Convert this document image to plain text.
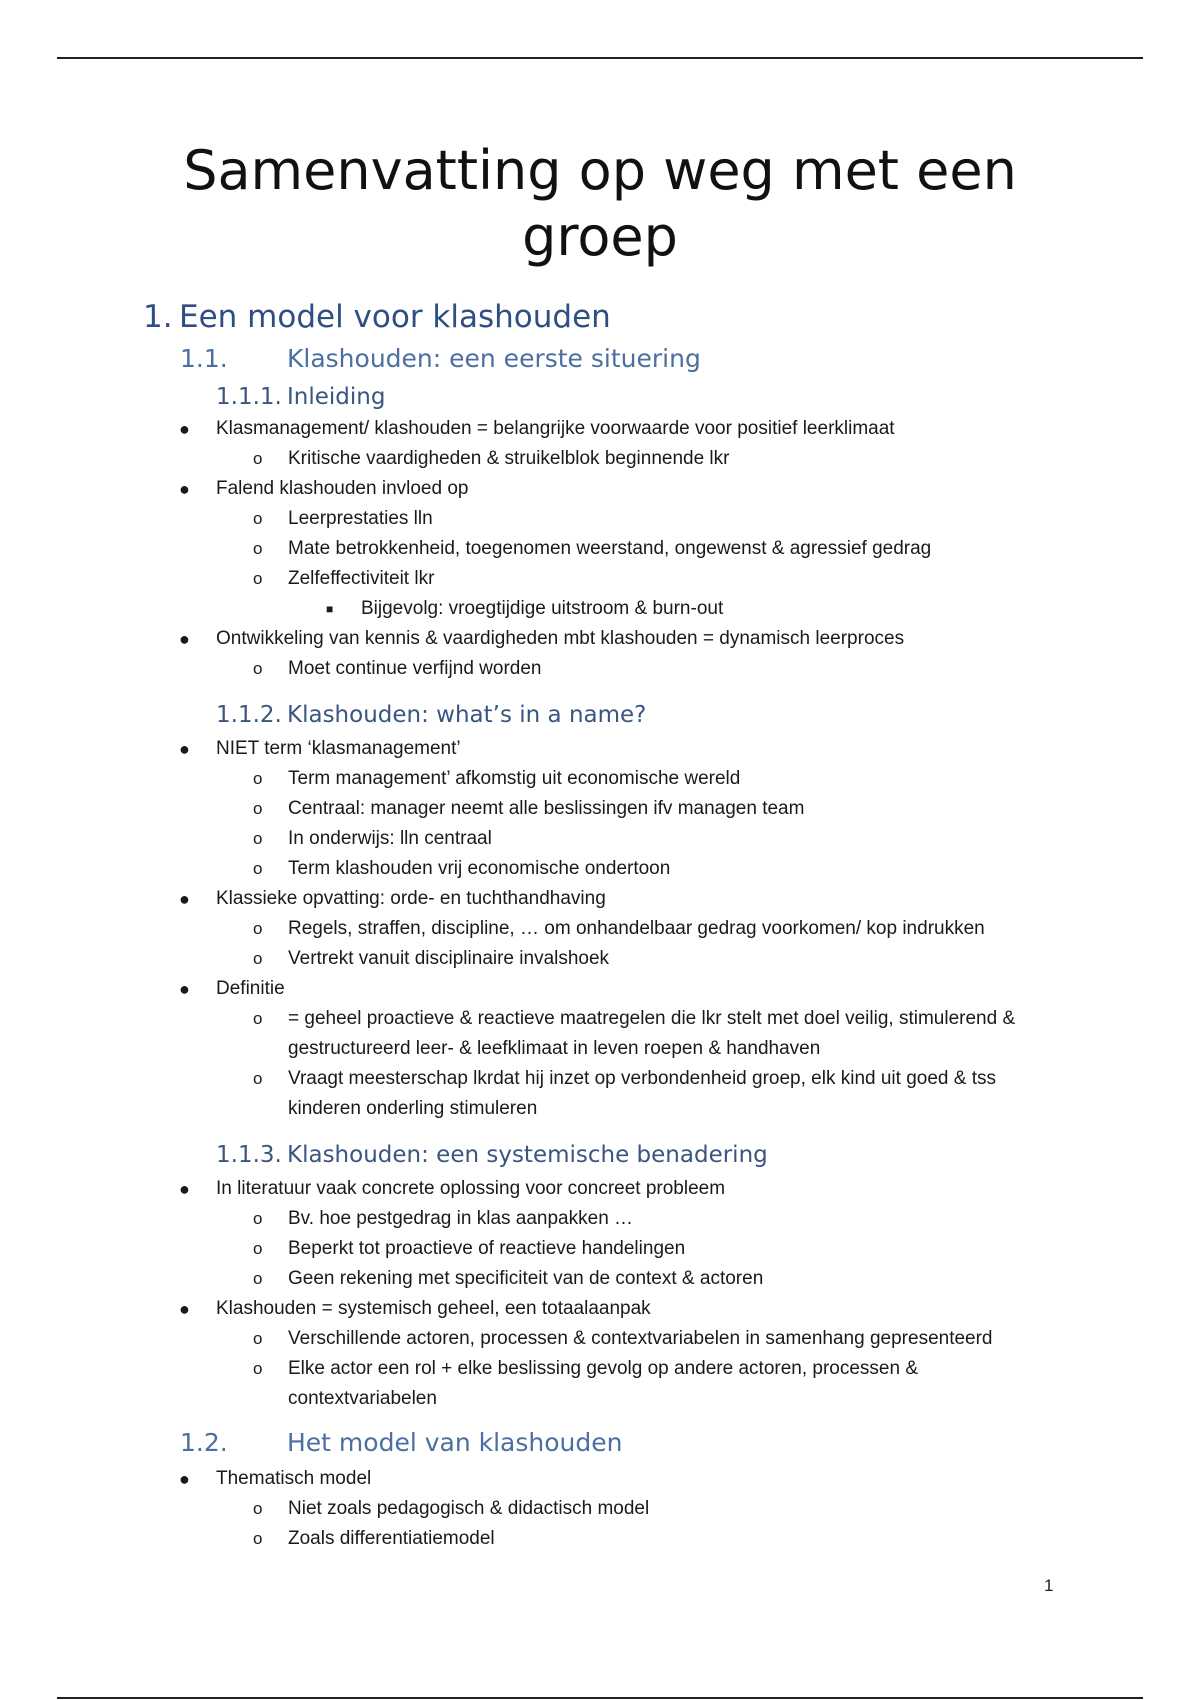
Samenvatting op weg met een groep
1. Een model voor klashouden
1.1. Klashouden: een eerste situering
1.1.1. Inleiding
● Klasmanagement/ klashouden = belangrijke voorwaarde voor positief leerklimaat
o Kritische vaardigheden & struikelblok beginnende lkr
● Falend klashouden invloed op
o Leerprestaties lln
o Mate betrokkenheid, toegenomen weerstand, ongewenst & agressief gedrag
o Zelfeffectiviteit lkr
■ Bijgevolg: vroegtijdige uitstroom & burn-out
● Ontwikkeling van kennis & vaardigheden mbt klashouden = dynamisch leerproces
o Moet continue verfijnd worden
1.1.2. Klashouden: what’s in a name?
● NIET term ‘klasmanagement’
o Term management’ afkomstig uit economische wereld
o Centraal: manager neemt alle beslissingen ifv managen team
o In onderwijs: lln centraal
o Term klashouden vrij economische ondertoon
● Klassieke opvatting: orde- en tuchthandhaving
o Regels, straffen, discipline, … om onhandelbaar gedrag voorkomen/ kop indrukken
o Vertrekt vanuit disciplinaire invalshoek
● Definitie
o = geheel proactieve & reactieve maatregelen die lkr stelt met doel veilig, stimulerend & gestructureerd leer- & leefklimaat in leven roepen & handhaven
o Vraagt meesterschap lkrdat hij inzet op verbondenheid groep, elk kind uit goed & tss kinderen onderling stimuleren
1.1.3. Klashouden: een systemische benadering
● In literatuur vaak concrete oplossing voor concreet probleem
o Bv. hoe pestgedrag in klas aanpakken …
o Beperkt tot proactieve of reactieve handelingen
o Geen rekening met specificiteit van de context & actoren
● Klashouden = systemisch geheel, een totaalaanpak
o Verschillende actoren, processen & contextvariabelen in samenhang gepresenteerd
o Elke actor een rol + elke beslissing gevolg op andere actoren, processen & contextvariabelen
1.2. Het model van klashouden
● Thematisch model
o Niet zoals pedagogisch & didactisch model
o Zoals differentiatiemodel
1
